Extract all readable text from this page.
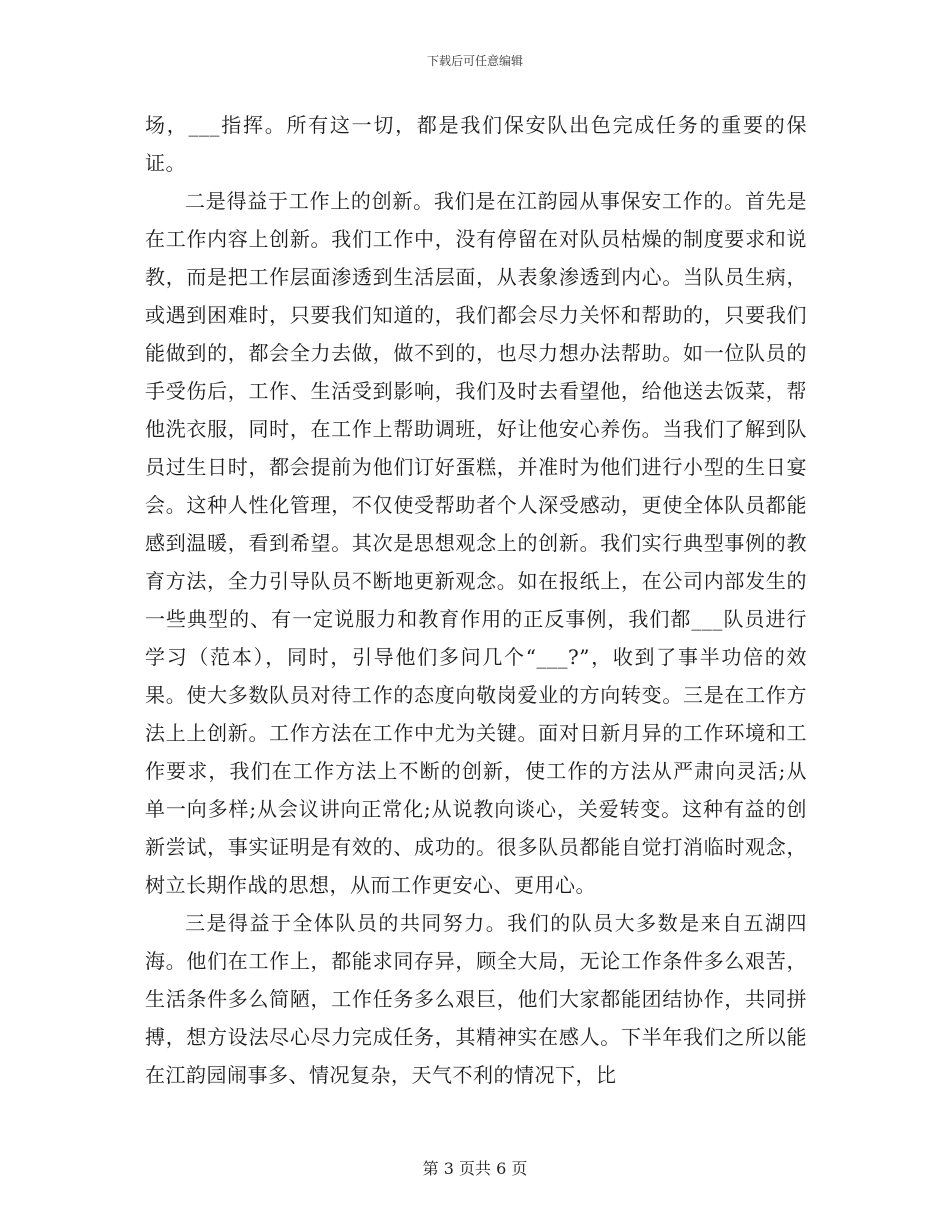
下载后可任意编辑

场，___指挥。所有这一切，都是我们保安队出色完成任务的重要的保证。

二是得益于工作上的创新。我们是在江韵园从事保安工作的。首先是在工作内容上创新。我们工作中，没有停留在对队员枯燥的制度要求和说教，而是把工作层面渗透到生活层面，从表象渗透到内心。当队员生病，或遇到困难时，只要我们知道的，我们都会尽力关怀和帮助的，只要我们能做到的，都会全力去做，做不到的，也尽力想办法帮助。如一位队员的手受伤后，工作、生活受到影响，我们及时去看望他，给他送去饭菜，帮他洗衣服，同时，在工作上帮助调班，好让他安心养伤。当我们了解到队员过生日时，都会提前为他们订好蛋糕，并准时为他们进行小型的生日宴会。这种人性化管理，不仅使受帮助者个人深受感动，更使全体队员都能感到温暖，看到希望。其次是思想观念上的创新。我们实行典型事例的教育方法，全力引导队员不断地更新观念。如在报纸上，在公司内部发生的一些典型的、有一定说服力和教育作用的正反事例，我们都___队员进行学习（范本），同时，引导他们多问几个“___?”，收到了事半功倍的效果。使大多数队员对待工作的态度向敬岗爱业的方向转变。三是在工作方法上上创新。工作方法在工作中尤为关键。面对日新月异的工作环境和工作要求，我们在工作方法上不断的创新，使工作的方法从严肃向灵活;从单一向多样;从会议讲向正常化;从说教向谈心，关爱转变。这种有益的创新尝试，事实证明是有效的、成功的。很多队员都能自觉打消临时观念，树立长期作战的思想，从而工作更安心、更用心。

三是得益于全体队员的共同努力。我们的队员大多数是来自五湖四海。他们在工作上，都能求同存异，顾全大局，无论工作条件多么艰苦，生活条件多么简陋，工作任务多么艰巨，他们大家都能团结协作，共同拼搏，想方设法尽心尽力完成任务，其精神实在感人。下半年我们之所以能在江韵园闹事多、情况复杂，天气不利的情况下，比

第 3 页共 6 页
